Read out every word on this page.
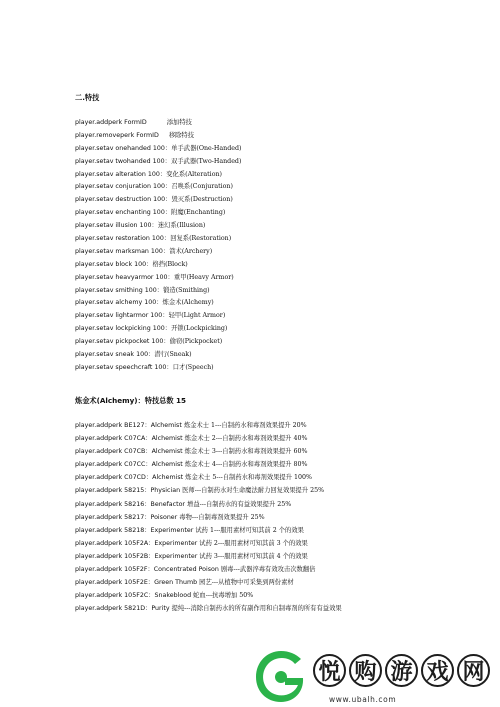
二.特技
player.addperk FormID	添加特技
player.removeperk FormID 移除特技
player.setav onehanded 100：单手武器(One-Handed)
player.setav twohanded 100：双手武器(Two-Handed)
player.setav alteration 100：变化系(Alteration)
player.setav conjuration 100：召唤系(Conjuration)
player.setav destruction 100：毁灭系(Destruction)
player.setav enchanting 100：附魔(Enchanting)
player.setav illusion 100：迷幻系(Illusion)
player.setav restoration 100：回复系(Restoration)
player.setav marksman 100：箭术(Archery)
player.setav block 100：格挡(Block)
player.setav heavyarmor 100：重甲(Heavy Armor)
player.setav smithing 100：锻造(Smithing)
player.setav alchemy 100：炼金术(Alchemy)
player.setav lightarmor 100：轻甲(Light Armor)
player.setav lockpicking 100：开锁(Lockpicking)
player.setav pickpocket 100：偷窃(Pickpocket)
player.setav sneak 100：潜行(Sneak)
player.setav speechcraft 100：口才(Speech)
炼金术(Alchemy)：特技总数 15
player.addperk BE127：Alchemist 炼金术士 1---自制药水和毒剂效果提升 20%
player.addperk C07CA：Alchemist 炼金术士 2---自制药水和毒剂效果提升 40%
player.addperk C07CB：Alchemist 炼金术士 3---自制药水和毒剂效果提升 60%
player.addperk C07CC：Alchemist 炼金术士 4---自制药水和毒剂效果提升 80%
player.addperk C07CD：Alchemist 炼金术士 5---自制药水和毒剂效果提升 100%
player.addperk 58215：Physician 医师---自制药水对生命魔法耐力回复效果提升 25%
player.addperk 58216：Benefactor 增益---自制药水的有益效果提升 25%
player.addperk 58217：Poisoner 毒物---自制毒剂效果提升 25%
player.addperk 58218：Experimenter 试药 1---服用素材可知其前 2 个的效果
player.addperk 105F2A：Experimenter 试药 2---服用素材可知其前 3 个的效果
player.addperk 105F2B：Experimenter 试药 3---服用素材可知其前 4 个的效果
player.addperk 105F2F：Concentrated Poison 剧毒---武器淬毒有效攻击次数翻倍
player.addperk 105F2E：Green Thumb 园艺---从植物中可采集到两份素材
player.addperk 105F2C：Snakeblood 蛇血---抗毒增加 50%
player.addperk 5821D：Purity 提纯---消除自制药水的所有副作用和自制毒剂的所有有益效果
悦 购 游 戏 网
www.ubalh.com
